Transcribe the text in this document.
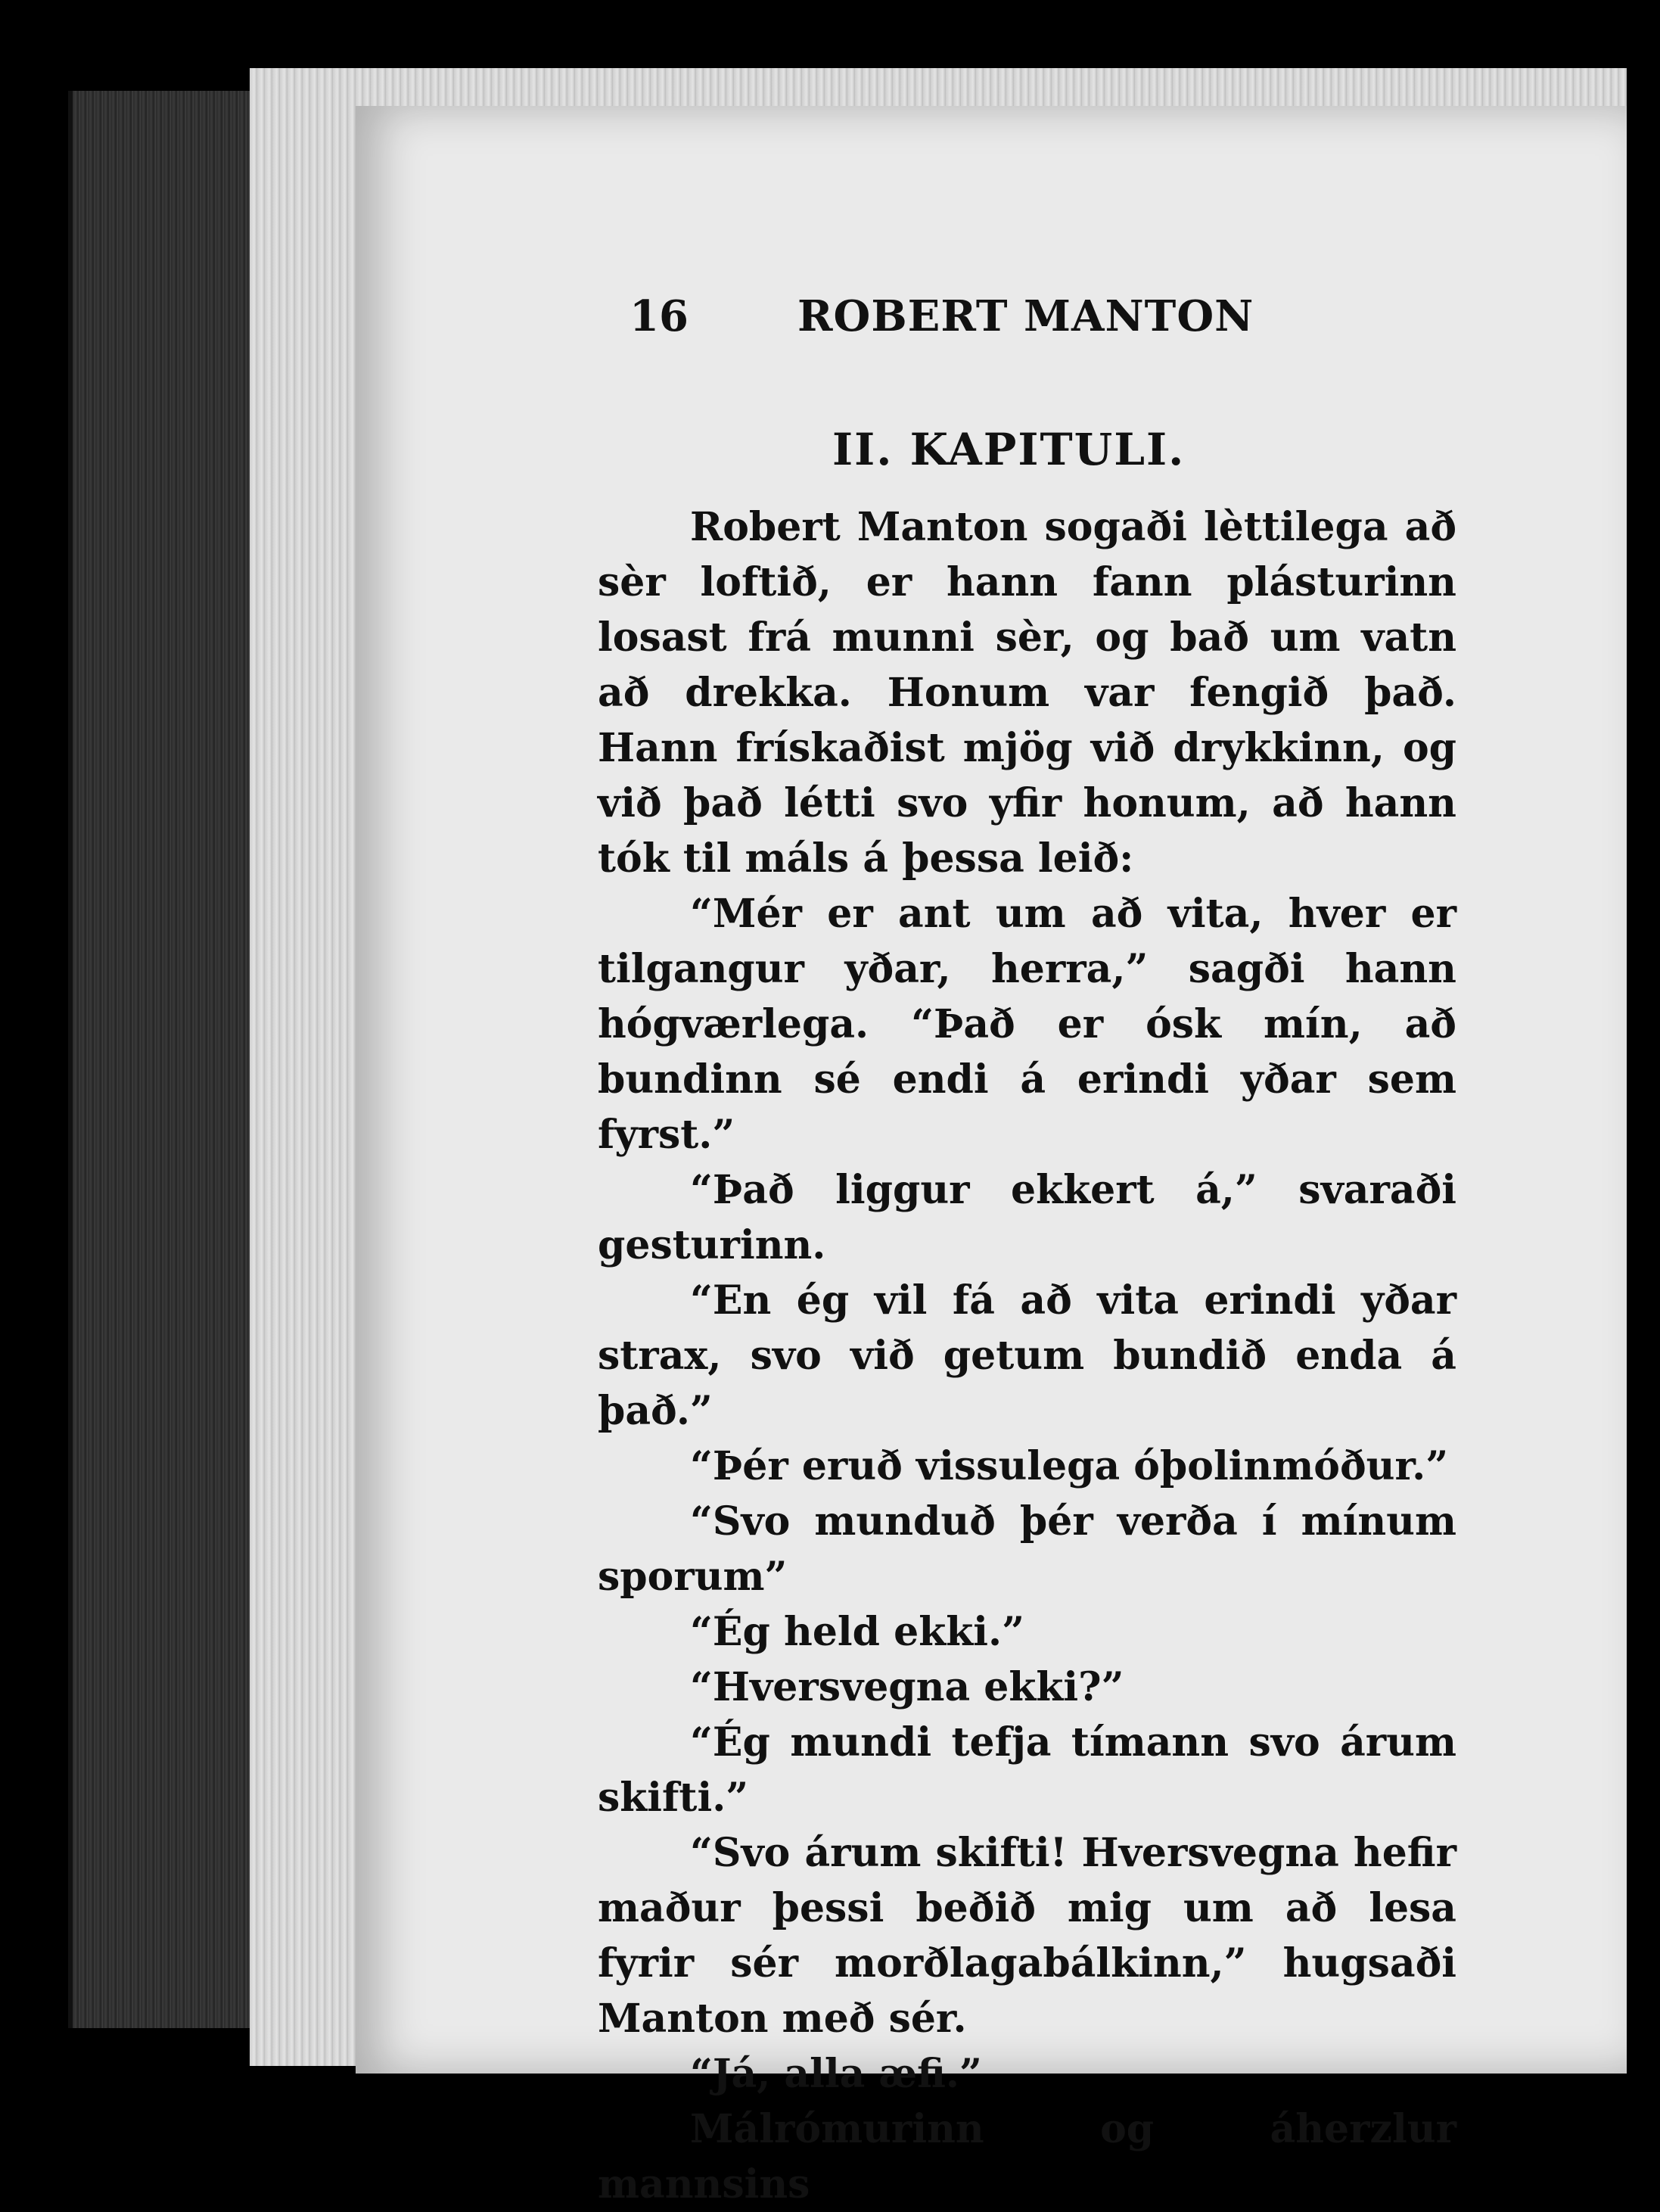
16	ROBERT MANTON
II. KAPITULI.

Robert Manton sogaði lèttilega að sèr loftið, er hann fann plásturinn losast frá munni sèr, og bað um vatn að drekka. Honum var fengið það. Hann frískaðist mjög við drykkinn, og við það létti svo yfir honum, að hann tók til máls á þessa leið:

“Mér er ant um að vita, hver er tilgangur yðar, herra,” sagði hann hógværlega. “Það er ósk mín, að bundinn sé endi á erindi yðar sem fyrst.”

“Það liggur ekkert á,” svaraði gesturinn.

“En ég vil fá að vita erindi yðar strax, svo við getum bundið enda á það.”

“Þér eruð vissulega óþolinmóður.”

“Svo munduð þér verða í mínum sporum”

“Ég held ekki.”

“Hversvegna ekki?”

“Ég mundi tefja tímann svo árum skifti.”

“Svo árum skifti! Hversvegna hefir maður þessi beðið mig um að lesa fyrir sér morðlagabálkinn,” hugsaði Manton með sér.

“Já, alla æfi.”

Málrómurinn og áherzlur mannsins
